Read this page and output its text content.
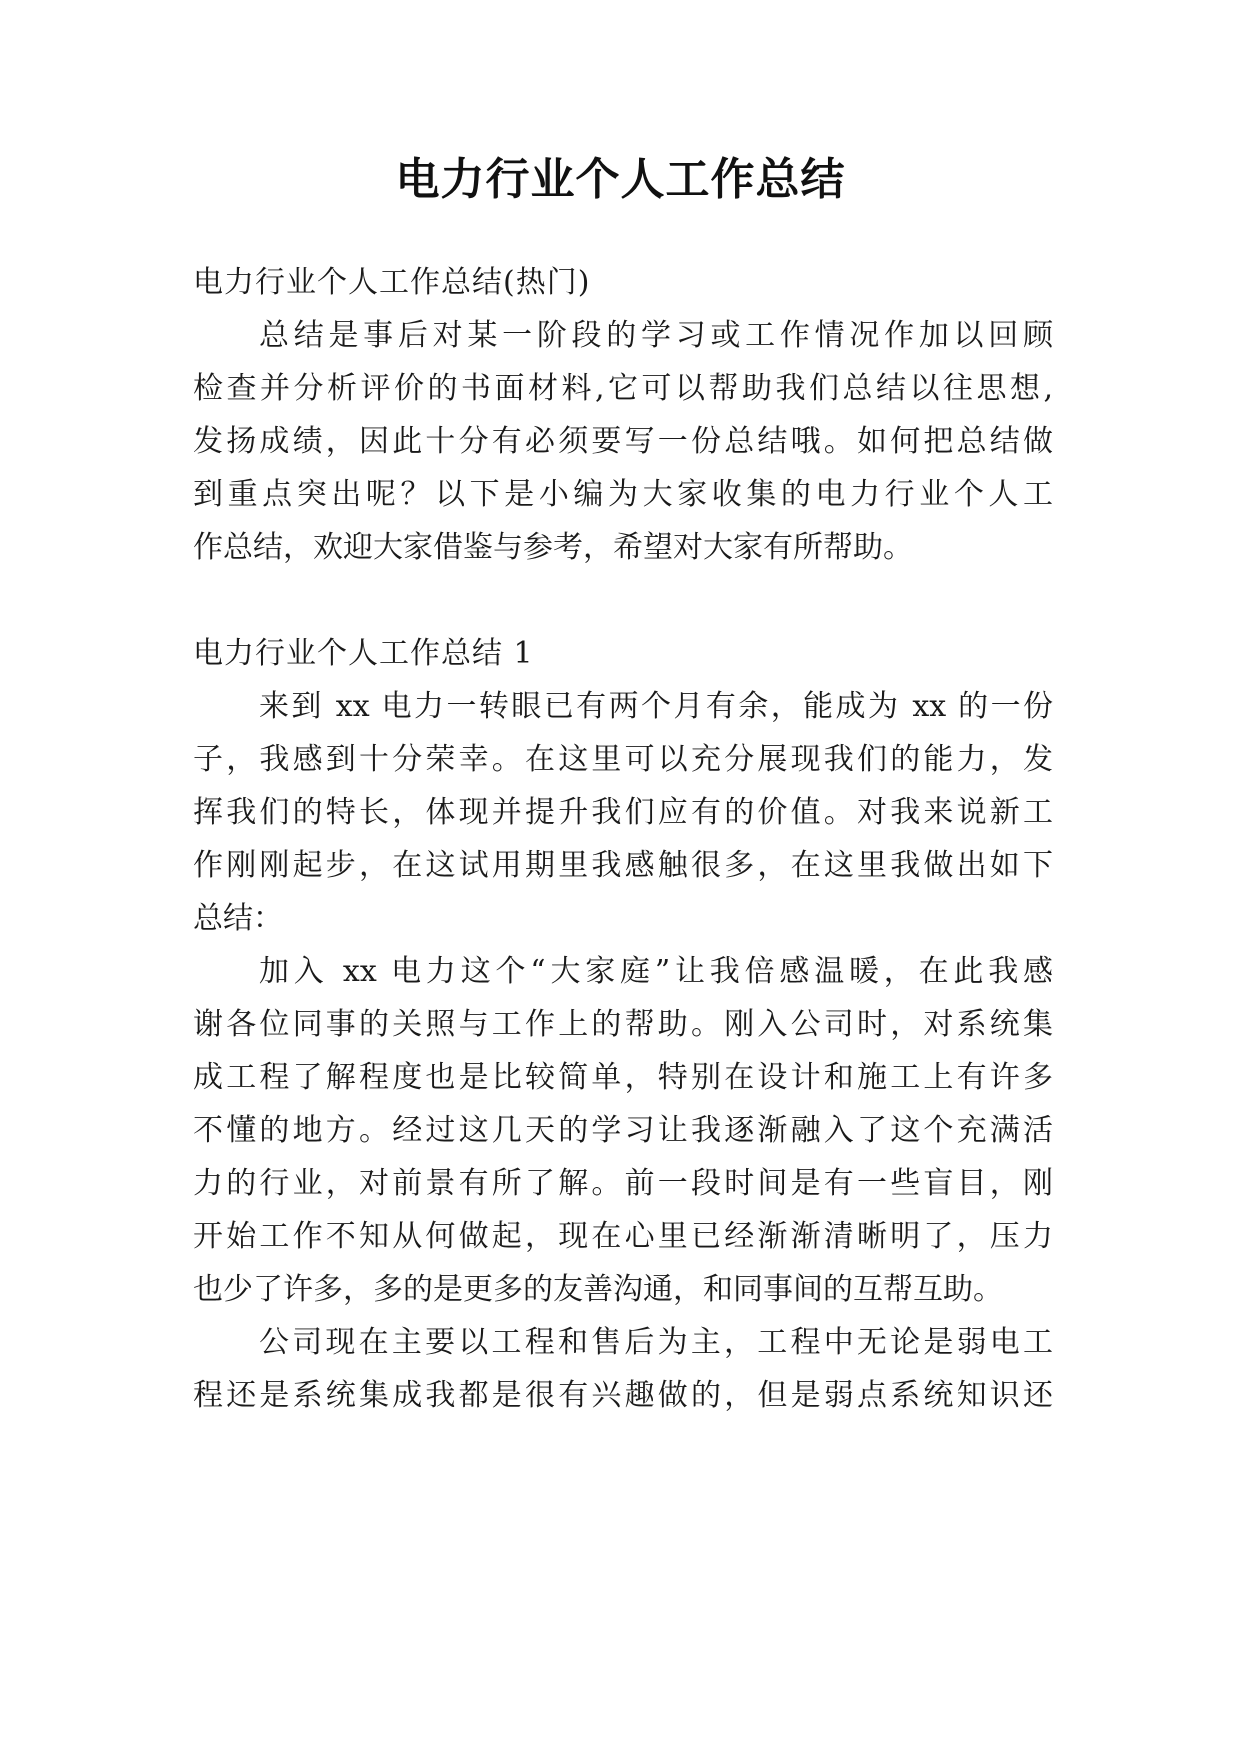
电力行业个人工作总结
电力行业个人工作总结(热门)
总结是事后对某一阶段的学习或工作情况作加以回顾
检查并分析评价的书面材料,它可以帮助我们总结以往思想,
发扬成绩，因此十分有必须要写一份总结哦。如何把总结做
到重点突出呢？以下是小编为大家收集的电力行业个人工
作总结，欢迎大家借鉴与参考，希望对大家有所帮助。
电力行业个人工作总结 1
来到 xx 电力一转眼已有两个月有余，能成为 xx 的一份
子，我感到十分荣幸。在这里可以充分展现我们的能力，发
挥我们的特长，体现并提升我们应有的价值。对我来说新工
作刚刚起步，在这试用期里我感触很多，在这里我做出如下
总结：
加入 xx 电力这个“大家庭”让我倍感温暖，在此我感
谢各位同事的关照与工作上的帮助。刚入公司时，对系统集
成工程了解程度也是比较简单，特别在设计和施工上有许多
不懂的地方。经过这几天的学习让我逐渐融入了这个充满活
力的行业，对前景有所了解。前一段时间是有一些盲目，刚
开始工作不知从何做起，现在心里已经渐渐清晰明了，压力
也少了许多，多的是更多的友善沟通，和同事间的互帮互助。
公司现在主要以工程和售后为主，工程中无论是弱电工
程还是系统集成我都是很有兴趣做的，但是弱点系统知识还
